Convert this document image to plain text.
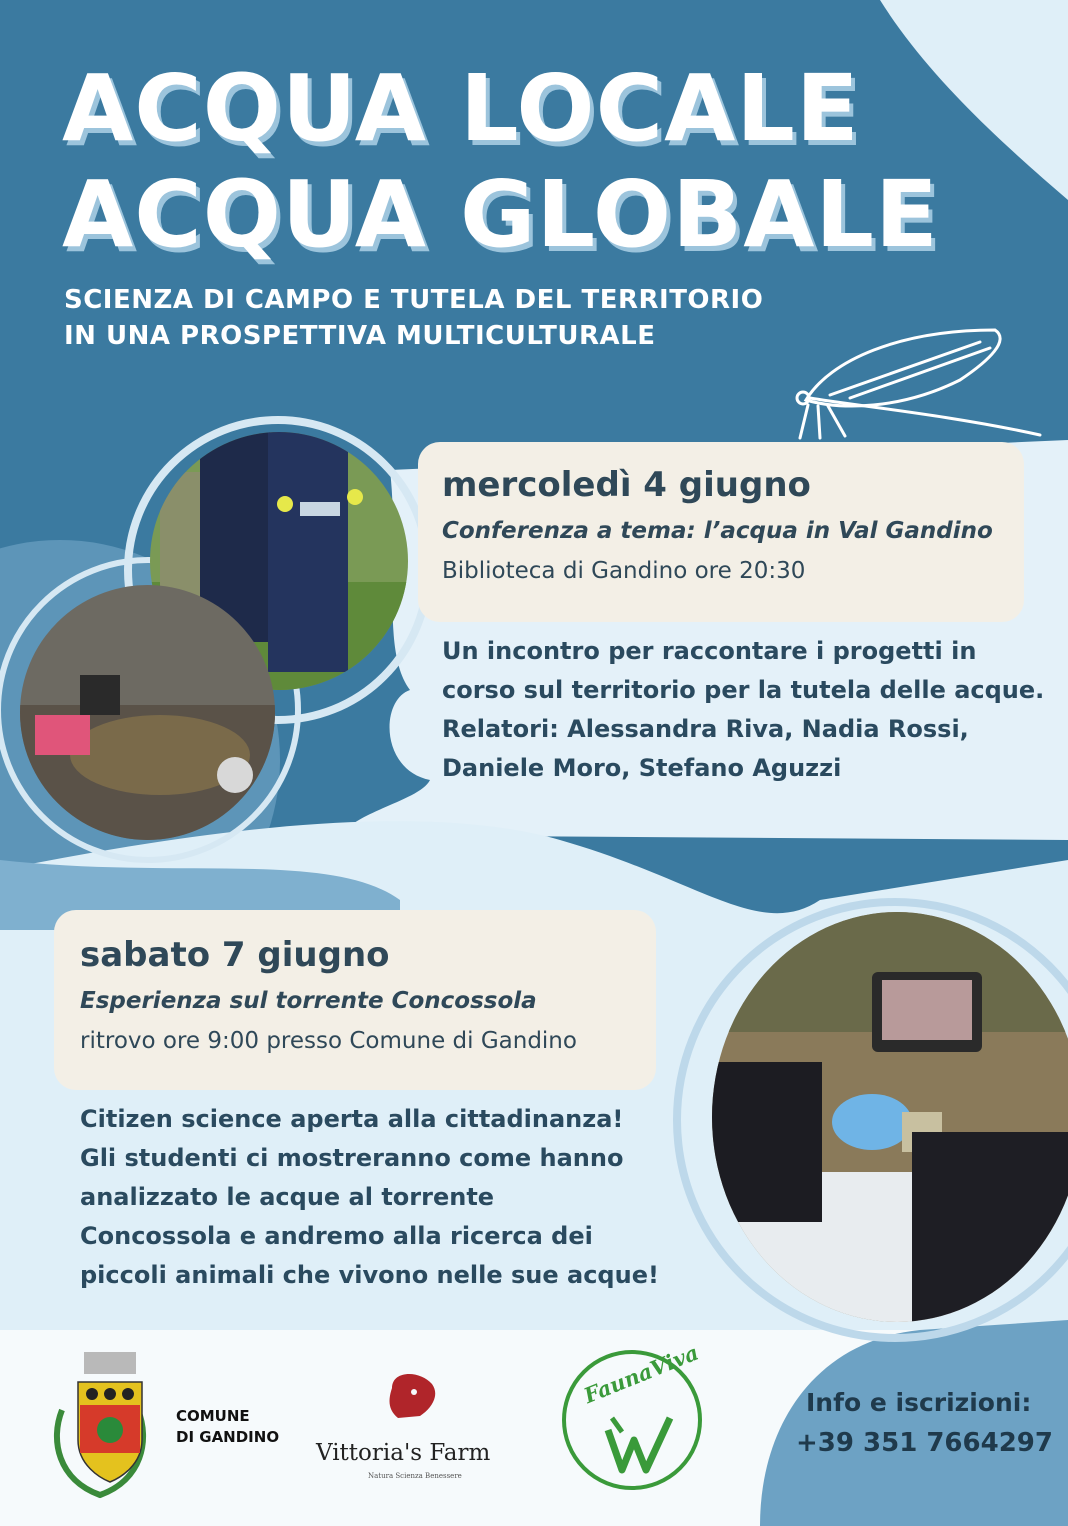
ACQUA LOCALE
ACQUA GLOBALE

SCIENZA DI CAMPO E TUTELA DEL TERRITORIO
IN UNA PROSPETTIVA MULTICULTURALE

mercoledì 4 giugno

Conferenza a tema: l’acqua in Val Gandino

Biblioteca di Gandino ore 20:30

Un incontro per raccontare i progetti in
corso sul territorio per la tutela delle acque.
Relatori: Alessandra Riva, Nadia Rossi,
Daniele Moro, Stefano Aguzzi

sabato 7 giugno

Esperienza sul torrente Concossola

ritrovo ore 9:00 presso Comune di Gandino

Citizen science aperta alla cittadinanza!
Gli studenti ci mostreranno come hanno
analizzato le acque al torrente
Concossola e andremo alla ricerca dei
piccoli animali che vivono nelle sue acque!

FaunaViva
COMUNE
DI GANDINO
Vittoria's Farm
Natura Scienza Benessere
Info e iscrizioni:
+39 351 7664297
